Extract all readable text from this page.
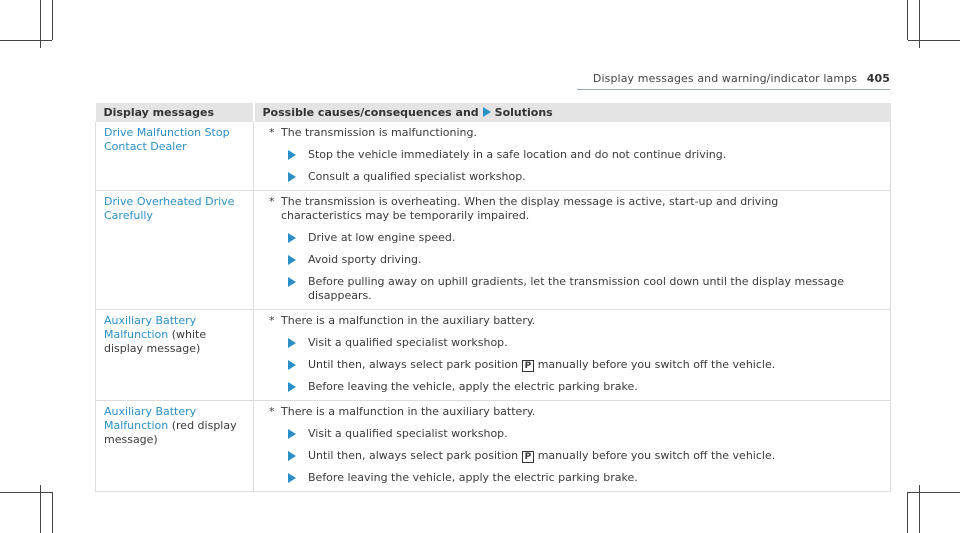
Display messages and warning/indicator lamps 405
Display messages	Possible causes/consequences and Solutions
Drive Malfunction Stop Contact Dealer	* The transmission is malfunctioning.
Stop the vehicle immediately in a safe location and do not continue driving.
Consult a qualified specialist workshop.

Drive Overheated Drive Carefully	* The transmission is overheating. When the display message is active, start-up and driving characteristics may be temporarily impaired.
Drive at low engine speed.
Avoid sporty driving.
Before pulling away on uphill gradients, let the transmission cool down until the display message disappears.

Auxiliary Battery Malfunction (white display message)	* There is a malfunction in the auxiliary battery.
Visit a qualified specialist workshop.
Until then, always select park position P manually before you switch off the vehicle.
Before leaving the vehicle, apply the electric parking brake.

Auxiliary Battery Malfunction (red display message)	* There is a malfunction in the auxiliary battery.
Visit a qualified specialist workshop.
Until then, always select park position P manually before you switch off the vehicle.
Before leaving the vehicle, apply the electric parking brake.
